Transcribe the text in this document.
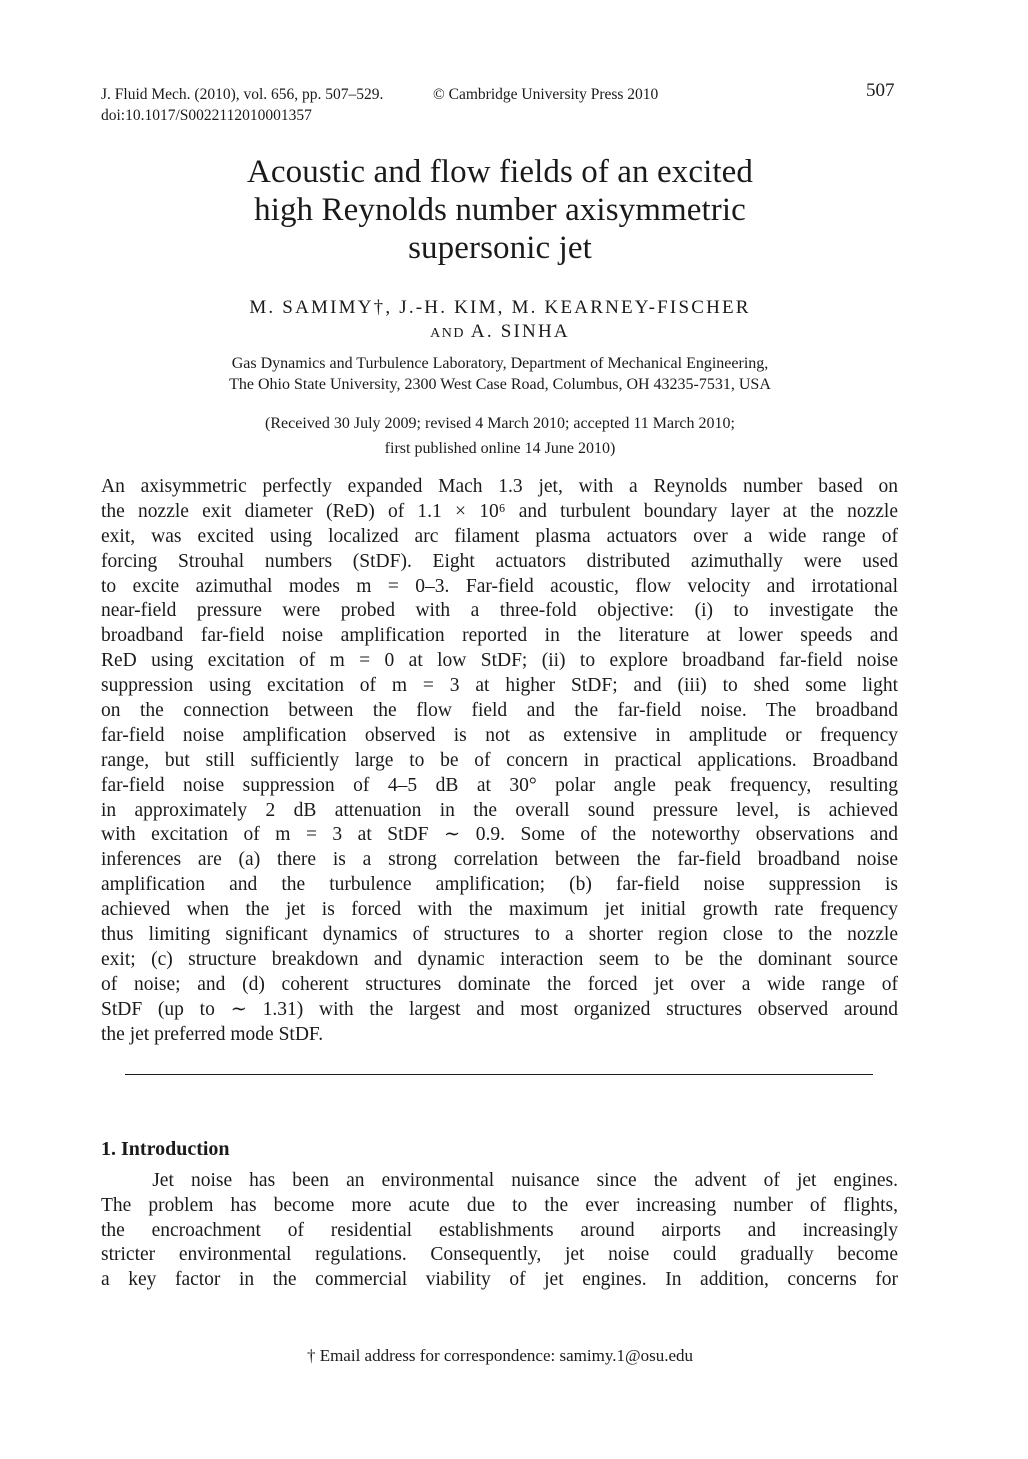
J. Fluid Mech. (2010), vol. 656, pp. 507–529.	© Cambridge University Press 2010
doi:10.1017/S0022112010001357
507
Acoustic and flow fields of an excited
high Reynolds number axisymmetric
supersonic jet
M. SAMIMY†, J.-H. KIM, M. KEARNEY-FISCHER
AND A. SINHA
Gas Dynamics and Turbulence Laboratory, Department of Mechanical Engineering,
The Ohio State University, 2300 West Case Road, Columbus, OH 43235-7531, USA
(Received 30 July 2009; revised 4 March 2010; accepted 11 March 2010;
first published online 14 June 2010)
An axisymmetric perfectly expanded Mach 1.3 jet, with a Reynolds number based on
the nozzle exit diameter (ReD) of 1.1 × 10⁶ and turbulent boundary layer at the nozzle
exit, was excited using localized arc filament plasma actuators over a wide range of
forcing Strouhal numbers (StDF). Eight actuators distributed azimuthally were used
to excite azimuthal modes m = 0–3. Far-field acoustic, flow velocity and irrotational
near-field pressure were probed with a three-fold objective: (i) to investigate the
broadband far-field noise amplification reported in the literature at lower speeds and
ReD using excitation of m = 0 at low StDF; (ii) to explore broadband far-field noise
suppression using excitation of m = 3 at higher StDF; and (iii) to shed some light
on the connection between the flow field and the far-field noise. The broadband
far-field noise amplification observed is not as extensive in amplitude or frequency
range, but still sufficiently large to be of concern in practical applications. Broadband
far-field noise suppression of 4–5 dB at 30° polar angle peak frequency, resulting
in approximately 2 dB attenuation in the overall sound pressure level, is achieved
with excitation of m = 3 at StDF ∼ 0.9. Some of the noteworthy observations and
inferences are (a) there is a strong correlation between the far-field broadband noise
amplification and the turbulence amplification; (b) far-field noise suppression is
achieved when the jet is forced with the maximum jet initial growth rate frequency
thus limiting significant dynamics of structures to a shorter region close to the nozzle
exit; (c) structure breakdown and dynamic interaction seem to be the dominant source
of noise; and (d) coherent structures dominate the forced jet over a wide range of
StDF (up to ∼ 1.31) with the largest and most organized structures observed around
the jet preferred mode StDF.
1. Introduction
Jet noise has been an environmental nuisance since the advent of jet engines.
The problem has become more acute due to the ever increasing number of flights,
the encroachment of residential establishments around airports and increasingly
stricter environmental regulations. Consequently, jet noise could gradually become
a key factor in the commercial viability of jet engines. In addition, concerns for
† Email address for correspondence: samimy.1@osu.edu
